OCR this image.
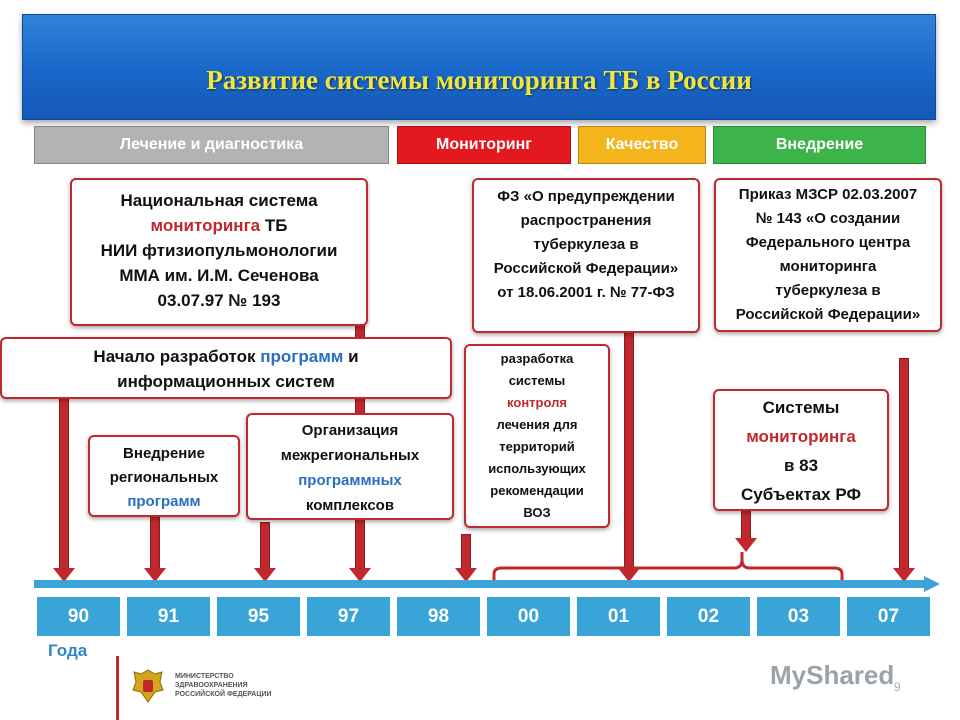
Развитие системы мониторинга ТБ в России
Лечение и диагностика	Мониторинг	Качество	Внедрение
Национальная система
мониторинга ТБ
НИИ фтизиопульмонологии
ММА им. И.М. Сеченова
03.07.97 № 193
Начало разработок программ и
информационных систем
Внедрение
региональных
программ
Организация
межрегиональных
программных
комплексов
ФЗ «О предупреждении
распространения
туберкулеза в
Российской Федерации»
от 18.06.2001 г. № 77-ФЗ
Приказ МЗСР 02.03.2007
№ 143 «О создании
Федерального центра
мониторинга
туберкулеза в
Российской Федерации»
разработка
системы
контроля
лечения для
территорий
использующих
рекомендации
ВОЗ
Системы
мониторинга
в 83
Субъектах РФ
90	91	95	97	98	00	01	02	03	07
Года
МИНИСТЕРСТВО
ЗДРАВООХРАНЕНИЯ
РОССИЙСКОЙ ФЕДЕРАЦИИ
MyShared 9
